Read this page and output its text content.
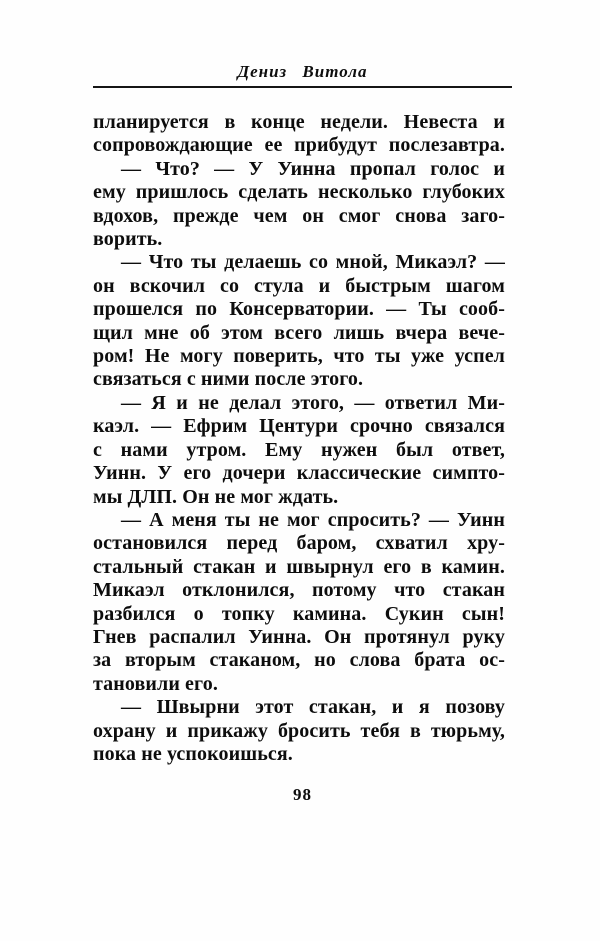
Дениз Витола
планируется в конце недели. Невеста и
сопровождающие ее прибудут послезавтра.
— Что? — У Уинна пропал голос и
ему пришлось сделать несколько глубоких
вдохов, прежде чем он смог снова заго-
ворить.
— Что ты делаешь со мной, Микаэл? —
он вскочил со стула и быстрым шагом
прошелся по Консерватории. — Ты сооб-
щил мне об этом всего лишь вчера вече-
ром! Не могу поверить, что ты уже успел
связаться с ними после этого.
— Я и не делал этого, — ответил Ми-
каэл. — Ефрим Центури срочно связался
с нами утром. Ему нужен был ответ,
Уинн. У его дочери классические симпто-
мы ДЛП. Он не мог ждать.
— А меня ты не мог спросить? — Уинн
остановился перед баром, схватил хру-
стальный стакан и швырнул его в камин.
Микаэл отклонился, потому что стакан
разбился о топку камина. Сукин сын!
Гнев распалил Уинна. Он протянул руку
за вторым стаканом, но слова брата ос-
тановили его.
— Швырни этот стакан, и я позову
охрану и прикажу бросить тебя в тюрьму,
пока не успокоишься.
98
